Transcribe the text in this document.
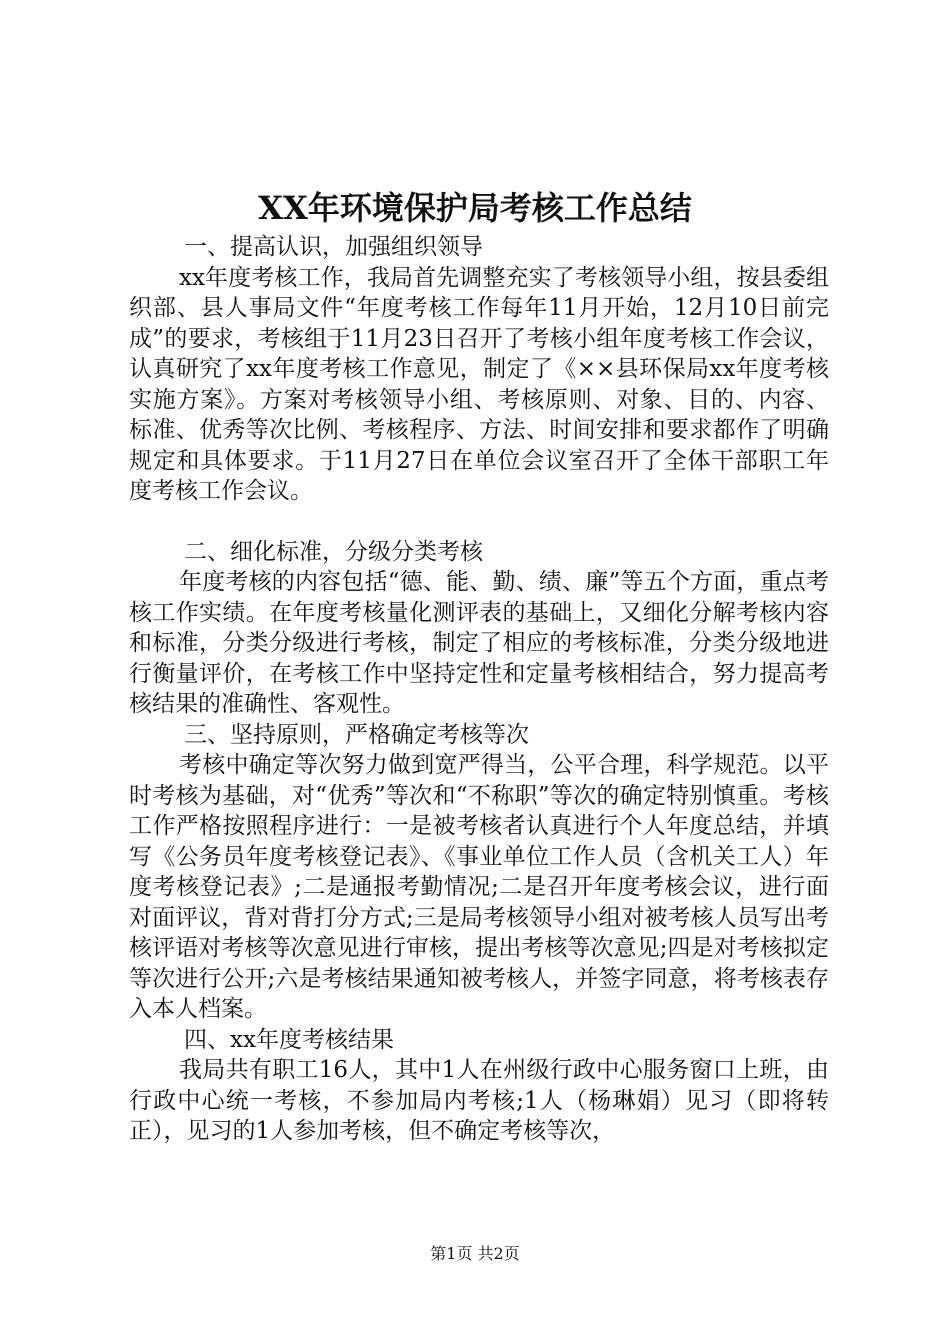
XX年环境保护局考核工作总结

一、提高认识，加强组织领导

xx年度考核工作，我局首先调整充实了考核领导小组，按县委组织部、县人事局文件“年度考核工作每年11月开始，12月10日前完成”的要求，考核组于11月23日召开了考核小组年度考核工作会议，认真研究了xx年度考核工作意见，制定了《××县环保局xx年度考核实施方案》。方案对考核领导小组、考核原则、对象、目的、内容、标准、优秀等次比例、考核程序、方法、时间安排和要求都作了明确规定和具体要求。于11月27日在单位会议室召开了全体干部职工年度考核工作会议。

二、细化标准，分级分类考核

年度考核的内容包括“德、能、勤、绩、廉”等五个方面，重点考核工作实绩。在年度考核量化测评表的基础上，又细化分解考核内容和标准，分类分级进行考核，制定了相应的考核标准，分类分级地进行衡量评价，在考核工作中坚持定性和定量考核相结合，努力提高考核结果的准确性、客观性。

三、坚持原则，严格确定考核等次

考核中确定等次努力做到宽严得当，公平合理，科学规范。以平时考核为基础，对“优秀”等次和“不称职”等次的确定特别慎重。考核工作严格按照程序进行：一是被考核者认真进行个人年度总结，并填写《公务员年度考核登记表》、《事业单位工作人员（含机关工人）年度考核登记表》;二是通报考勤情况;二是召开年度考核会议，进行面对面评议，背对背打分方式;三是局考核领导小组对被考核人员写出考核评语对考核等次意见进行审核，提出考核等次意见;四是对考核拟定等次进行公开;六是考核结果通知被考核人，并签字同意，将考核表存入本人档案。

四、xx年度考核结果

我局共有职工16人，其中1人在州级行政中心服务窗口上班，由行政中心统一考核，不参加局内考核;1人（杨琳娟）见习（即将转正），见习的1人参加考核，但不确定考核等次，

第1页 共2页
